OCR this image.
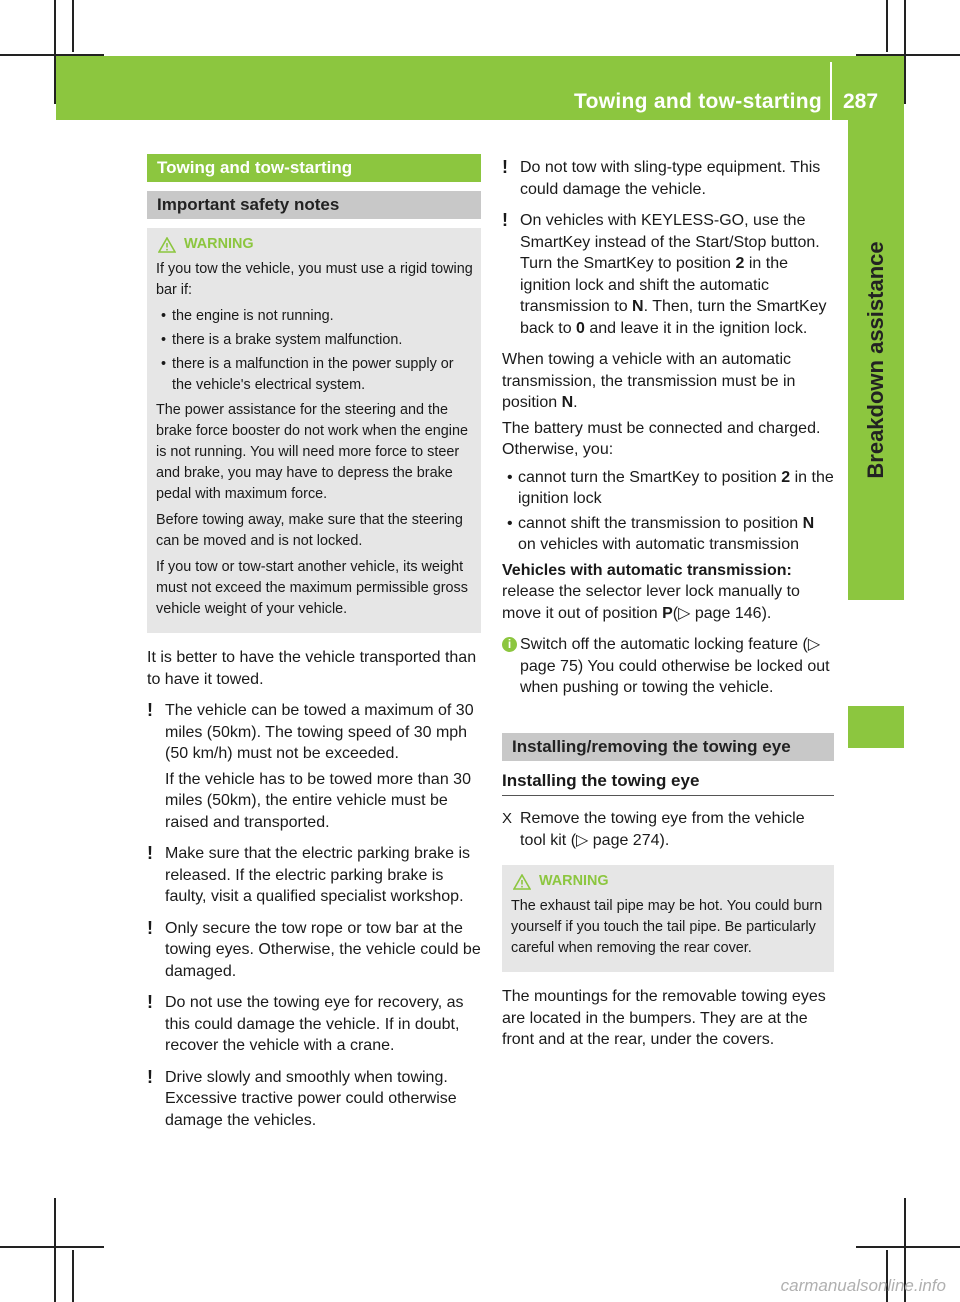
Towing and tow-starting 287
Breakdown assistance
Towing and tow-starting
Important safety notes
WARNING

If you tow the vehicle, you must use a rigid towing bar if:

• the engine is not running.
• there is a brake system malfunction.
• there is a malfunction in the power supply or the vehicle's electrical system.

The power assistance for the steering and the brake force booster do not work when the engine is not running. You will need more force to steer and brake, you may have to depress the brake pedal with maximum force.

Before towing away, make sure that the steering can be moved and is not locked.

If you tow or tow-start another vehicle, its weight must not exceed the maximum permissible gross vehicle weight of your vehicle.

It is better to have the vehicle transported than to have it towed.

! The vehicle can be towed a maximum of 30 miles (50km). The towing speed of 30 mph (50 km/h) must not be exceeded.

If the vehicle has to be towed more than 30 miles (50km), the entire vehicle must be raised and transported.

! Make sure that the electric parking brake is released. If the electric parking brake is faulty, visit a qualified specialist workshop.

! Only secure the tow rope or tow bar at the towing eyes. Otherwise, the vehicle could be damaged.

! Do not use the towing eye for recovery, as this could damage the vehicle. If in doubt, recover the vehicle with a crane.

! Drive slowly and smoothly when towing. Excessive tractive power could otherwise damage the vehicles.

! Do not tow with sling-type equipment. This could damage the vehicle.

! On vehicles with KEYLESS-GO, use the SmartKey instead of the Start/Stop button. Turn the SmartKey to position 2 in the ignition lock and shift the automatic transmission to N. Then, turn the SmartKey back to 0 and leave it in the ignition lock.

When towing a vehicle with an automatic transmission, the transmission must be in position N.

The battery must be connected and charged. Otherwise, you:

• cannot turn the SmartKey to position 2 in the ignition lock
• cannot shift the transmission to position N on vehicles with automatic transmission

Vehicles with automatic transmission:
release the selector lever lock manually to move it out of position P(▷ page 146).

i Switch off the automatic locking feature (▷ page 75) You could otherwise be locked out when pushing or towing the vehicle.

Installing/removing the towing eye
Installing the towing eye
X Remove the towing eye from the vehicle tool kit (▷ page 274).
WARNING

The exhaust tail pipe may be hot. You could burn yourself if you touch the tail pipe. Be particularly careful when removing the rear cover.

The mountings for the removable towing eyes are located in the bumpers. They are at the front and at the rear, under the covers.

carmanualsonline.info
